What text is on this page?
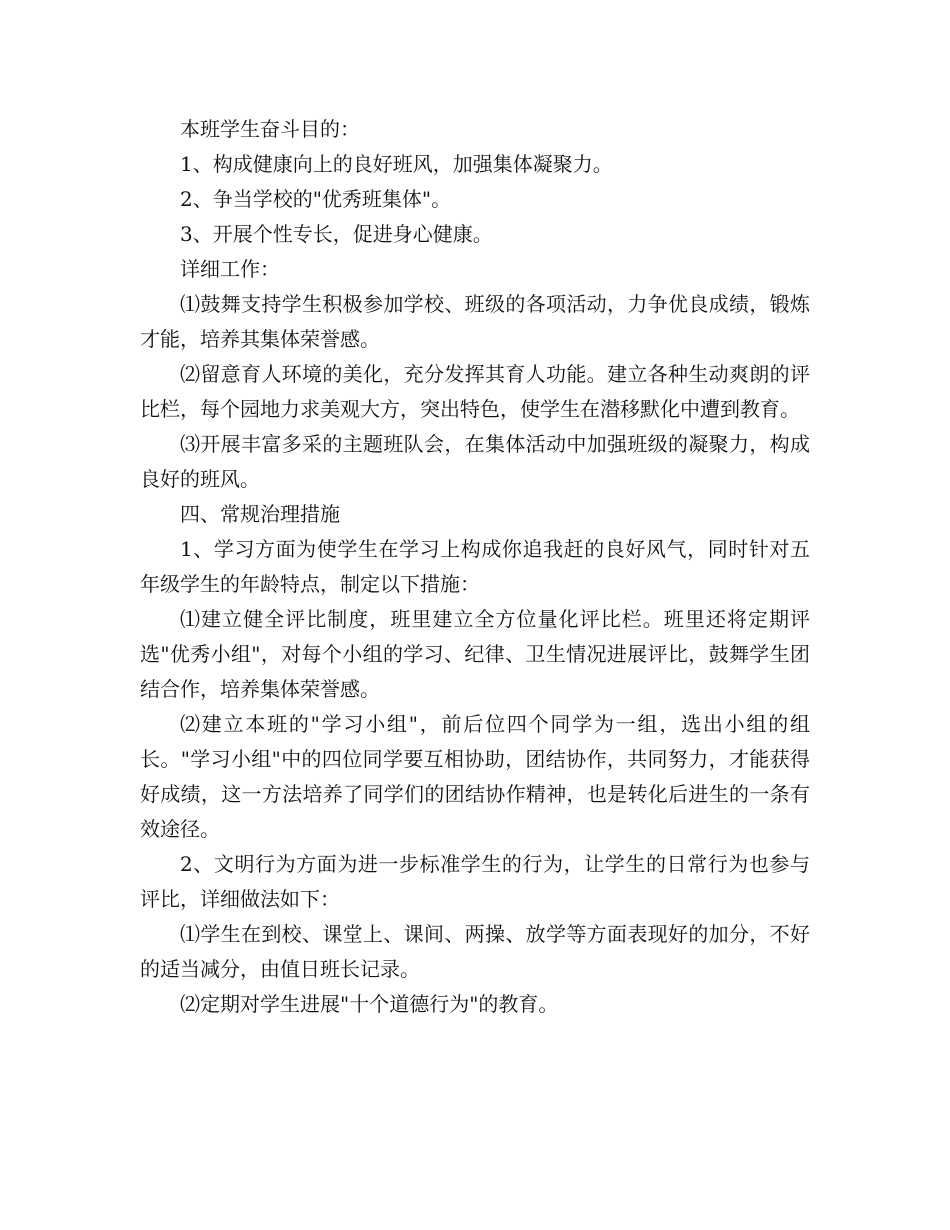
本班学生奋斗目的：

1、构成健康向上的良好班风，加强集体凝聚力。

2、争当学校的"优秀班集体"。

3、开展个性专长，促进身心健康。

详细工作：

⑴鼓舞支持学生积极参加学校、班级的各项活动，力争优良成绩，锻炼才能，培养其集体荣誉感。

⑵留意育人环境的美化，充分发挥其育人功能。建立各种生动爽朗的评比栏，每个园地力求美观大方，突出特色，使学生在潜移默化中遭到教育。

⑶开展丰富多采的主题班队会，在集体活动中加强班级的凝聚力，构成良好的班风。

四、常规治理措施

1、学习方面为使学生在学习上构成你追我赶的良好风气，同时针对五年级学生的年龄特点，制定以下措施：

⑴建立健全评比制度，班里建立全方位量化评比栏。班里还将定期评选"优秀小组"，对每个小组的学习、纪律、卫生情况进展评比，鼓舞学生团结合作，培养集体荣誉感。

⑵建立本班的"学习小组"，前后位四个同学为一组，选出小组的组长。"学习小组"中的四位同学要互相协助，团结协作，共同努力，才能获得好成绩，这一方法培养了同学们的团结协作精神，也是转化后进生的一条有效途径。

2、文明行为方面为进一步标准学生的行为，让学生的日常行为也参与评比，详细做法如下：

⑴学生在到校、课堂上、课间、两操、放学等方面表现好的加分，不好的适当减分，由值日班长记录。

⑵定期对学生进展"十个道德行为"的教育。
